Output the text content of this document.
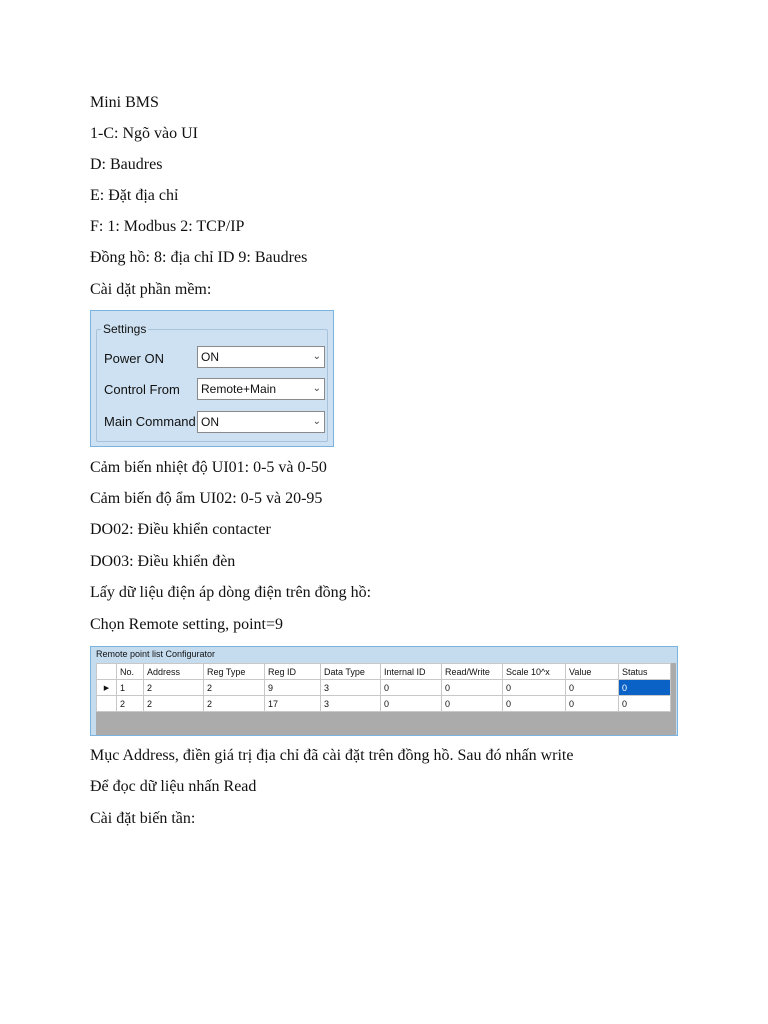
Mini BMS
1-C: Ngõ vào UI
D: Baudres
E: Đặt địa chỉ
F: 1: Modbus 2: TCP/IP
Đồng hồ: 8: địa chỉ ID 9: Baudres
Cài dặt phần mềm:
Settings
Power ON	ON	⌄
Control From	Remote+Main	⌄
Main Command ON	⌄
Cảm biến nhiệt độ UI01: 0-5 và 0-50
Cảm biến độ ẩm UI02: 0-5 và 20-95
DO02: Điều khiển contacter
DO03: Điều khiển đèn
Lấy dữ liệu điện áp dòng điện trên đồng hồ:
Chọn Remote setting, point=9
Remote point list Configurator
	No.	Address	Reg Type	Reg ID	Data Type	Internal ID	Read/Write	Scale 10^x	Value	Status
▶	1	2	2	9	3	0	0	0	0	0
	2	2	2	17	3	0	0	0	0	0
Mục Address, điền giá trị địa chỉ đã cài đặt trên đồng hồ. Sau đó nhấn write
Để đọc dữ liệu nhấn Read
Cài đặt biến tần:
